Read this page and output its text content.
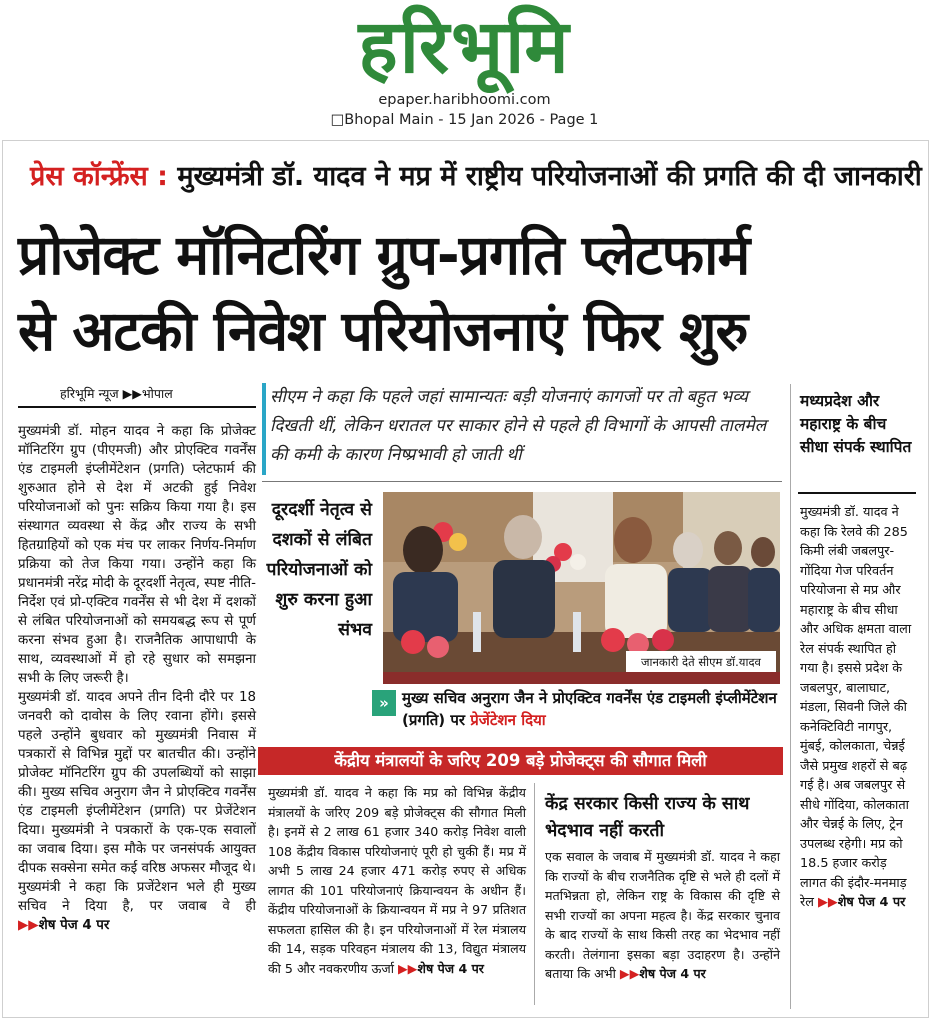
हरिभूमि
epaper.haribhoomi.com
□Bhopal Main - 15 Jan 2026 - Page 1
प्रेस कॉन्फ्रेंस : मुख्यमंत्री डॉ. यादव ने मप्र में राष्ट्रीय परियोजनाओं की प्रगति की दी जानकारी
प्रोजेक्ट मॉनिटरिंग ग्रुप-प्रगति प्लेटफार्म
से अटकी निवेश परियोजनाएं फिर शुरु
हरिभूमि न्यूज ▶▶भोपाल

मुख्यमंत्री डॉ. मोहन यादव ने कहा कि प्रोजेक्ट मॉनिटरिंग ग्रुप (पीएमजी) और प्रोएक्टिव गवर्नेंस एंड टाइमली इंप्लीमेंटेशन (प्रगति) प्लेटफार्म की शुरुआत होने से देश में अटकी हुई निवेश परियोजनाओं को पुनः सक्रिय किया गया है। इस संस्थागत व्यवस्था से केंद्र और राज्य के सभी हितग्राहियों को एक मंच पर लाकर निर्णय-निर्माण प्रक्रिया को तेज किया गया। उन्होंने कहा कि प्रधानमंत्री नरेंद्र मोदी के दूरदर्शी नेतृत्व, स्पष्ट नीति-निर्देश एवं प्रो-एक्टिव गवर्नेंस से भी देश में दशकों से लंबित परियोजनाओं को समयबद्ध रूप से पूर्ण करना संभव हुआ है। राजनैतिक आपाधापी के साथ, व्यवस्थाओं में हो रहे सुधार को समझना सभी के लिए जरूरी है।

मुख्यमंत्री डॉ. यादव अपने तीन दिनी दौरे पर 18 जनवरी को दावोस के लिए रवाना होंगे। इससे पहले उन्होंने बुधवार को मुख्यमंत्री निवास में पत्रकारों से विभिन्न मुद्दों पर बातचीत की। उन्होंने प्रोजेक्ट मॉनिटरिंग ग्रुप की उपलब्धियों को साझा की। मुख्य सचिव अनुराग जैन ने प्रोएक्टिव गवर्नेंस एंड टाइमली इंप्लीमेंटेशन (प्रगति) पर प्रेजेंटेशन दिया। मुख्यमंत्री ने पत्रकारों के एक-एक सवालों का जवाब दिया। इस मौके पर जनसंपर्क आयुक्त दीपक सक्सेना समेत कई वरिष्ठ अफसर मौजूद थे। मुख्यमंत्री ने कहा कि प्रजेंटेशन भले ही मुख्य सचिव ने दिया है, पर जवाब वे ही ▶▶शेष पेज 4 पर

सीएम ने कहा कि पहले जहां सामान्यतः बड़ी योजनाएं कागजों पर तो बहुत भव्य दिखती थीं, लेकिन धरातल पर साकार होने से पहले ही विभागों के आपसी तालमेल की कमी के कारण निष्प्रभावी हो जाती थीं
दूरदर्शी नेतृत्व से दशकों से लंबित परियोजनाओं को शुरु करना हुआ संभव
जानकारी देते सीएम डॉ.यादव
» मुख्य सचिव अनुराग जैन ने प्रोएक्टिव गवर्नेंस एंड टाइमली इंप्लीमेंटेशन (प्रगति) पर प्रेजेंटेशन दिया
केंद्रीय मंत्रालयों के जरिए 209 बड़े प्रोजेक्ट्स की सौगात मिली
मुख्यमंत्री डॉ. यादव ने कहा कि मप्र को विभिन्न केंद्रीय मंत्रालयों के जरिए 209 बड़े प्रोजेक्ट्स की सौगात मिली है। इनमें से 2 लाख 61 हजार 340 करोड़ निवेश वाली 108 केंद्रीय विकास परियोजनाएं पूरी हो चुकी हैं। मप्र में अभी 5 लाख 24 हजार 471 करोड़ रुपए से अधिक लागत की 101 परियोजनाएं क्रियान्वयन के अधीन हैं। केंद्रीय परियोजनाओं के क्रियान्वयन में मप्र ने 97 प्रतिशत सफलता हासिल की है। इन परियोजनाओं में रेल मंत्रालय की 14, सड़क परिवहन मंत्रालय की 13, विद्युत मंत्रालय की 5 और नवकरणीय ऊर्जा ▶▶शेष पेज 4 पर
केंद्र सरकार किसी राज्य के साथ भेदभाव नहीं करती
एक सवाल के जवाब में मुख्यमंत्री डॉ. यादव ने कहा कि राज्यों के बीच राजनैतिक दृष्टि से भले ही दलों में मतभिन्नता हो, लेकिन राष्ट्र के विकास की दृष्टि से सभी राज्यों का अपना महत्व है। केंद्र सरकार चुनाव के बाद राज्यों के साथ किसी तरह का भेदभाव नहीं करती। तेलंगाना इसका बड़ा उदाहरण है। उन्होंने बताया कि अभी ▶▶शेष पेज 4 पर
मध्यप्रदेश और महाराष्ट्र के बीच सीधा संपर्क स्थापित
मुख्यमंत्री डॉ. यादव ने कहा कि रेलवे की 285 किमी लंबी जबलपुर-गोंदिया गेज परिवर्तन परियोजना से मप्र और महाराष्ट्र के बीच सीधा और अधिक क्षमता वाला रेल संपर्क स्थापित हो गया है। इससे प्रदेश के जबलपुर, बालाघाट, मंडला, सिवनी जिले की कनेक्टिविटी नागपुर, मुंबई, कोलकाता, चेन्नई जैसे प्रमुख शहरों से बढ़ गई है। अब जबलपुर से सीधे गोंदिया, कोलकाता और चेन्नई के लिए, ट्रेन उपलब्ध रहेगी। मप्र को 18.5 हजार करोड़ लागत की इंदौर-मनमाड़ रेल ▶▶शेष पेज 4 पर
